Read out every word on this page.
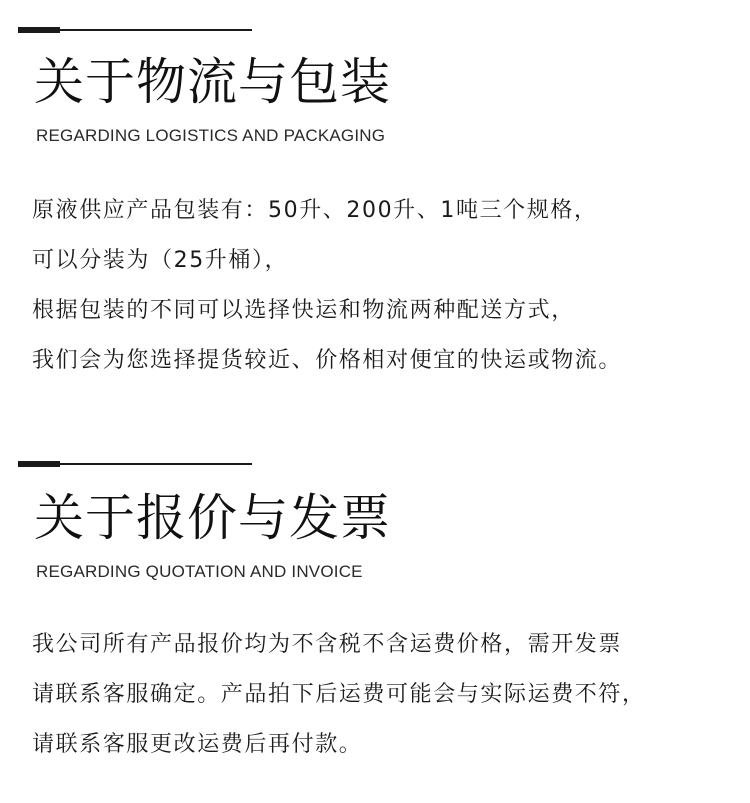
关于物流与包装

REGARDING LOGISTICS AND PACKAGING

原液供应产品包装有：50升、200升、1吨三个规格，
可以分装为（25升桶），
根据包装的不同可以选择快运和物流两种配送方式，
我们会为您选择提货较近、价格相对便宜的快运或物流。
关于报价与发票

REGARDING QUOTATION AND INVOICE

我公司所有产品报价均为不含税不含运费价格，需开发票
请联系客服确定。产品拍下后运费可能会与实际运费不符，
请联系客服更改运费后再付款。
